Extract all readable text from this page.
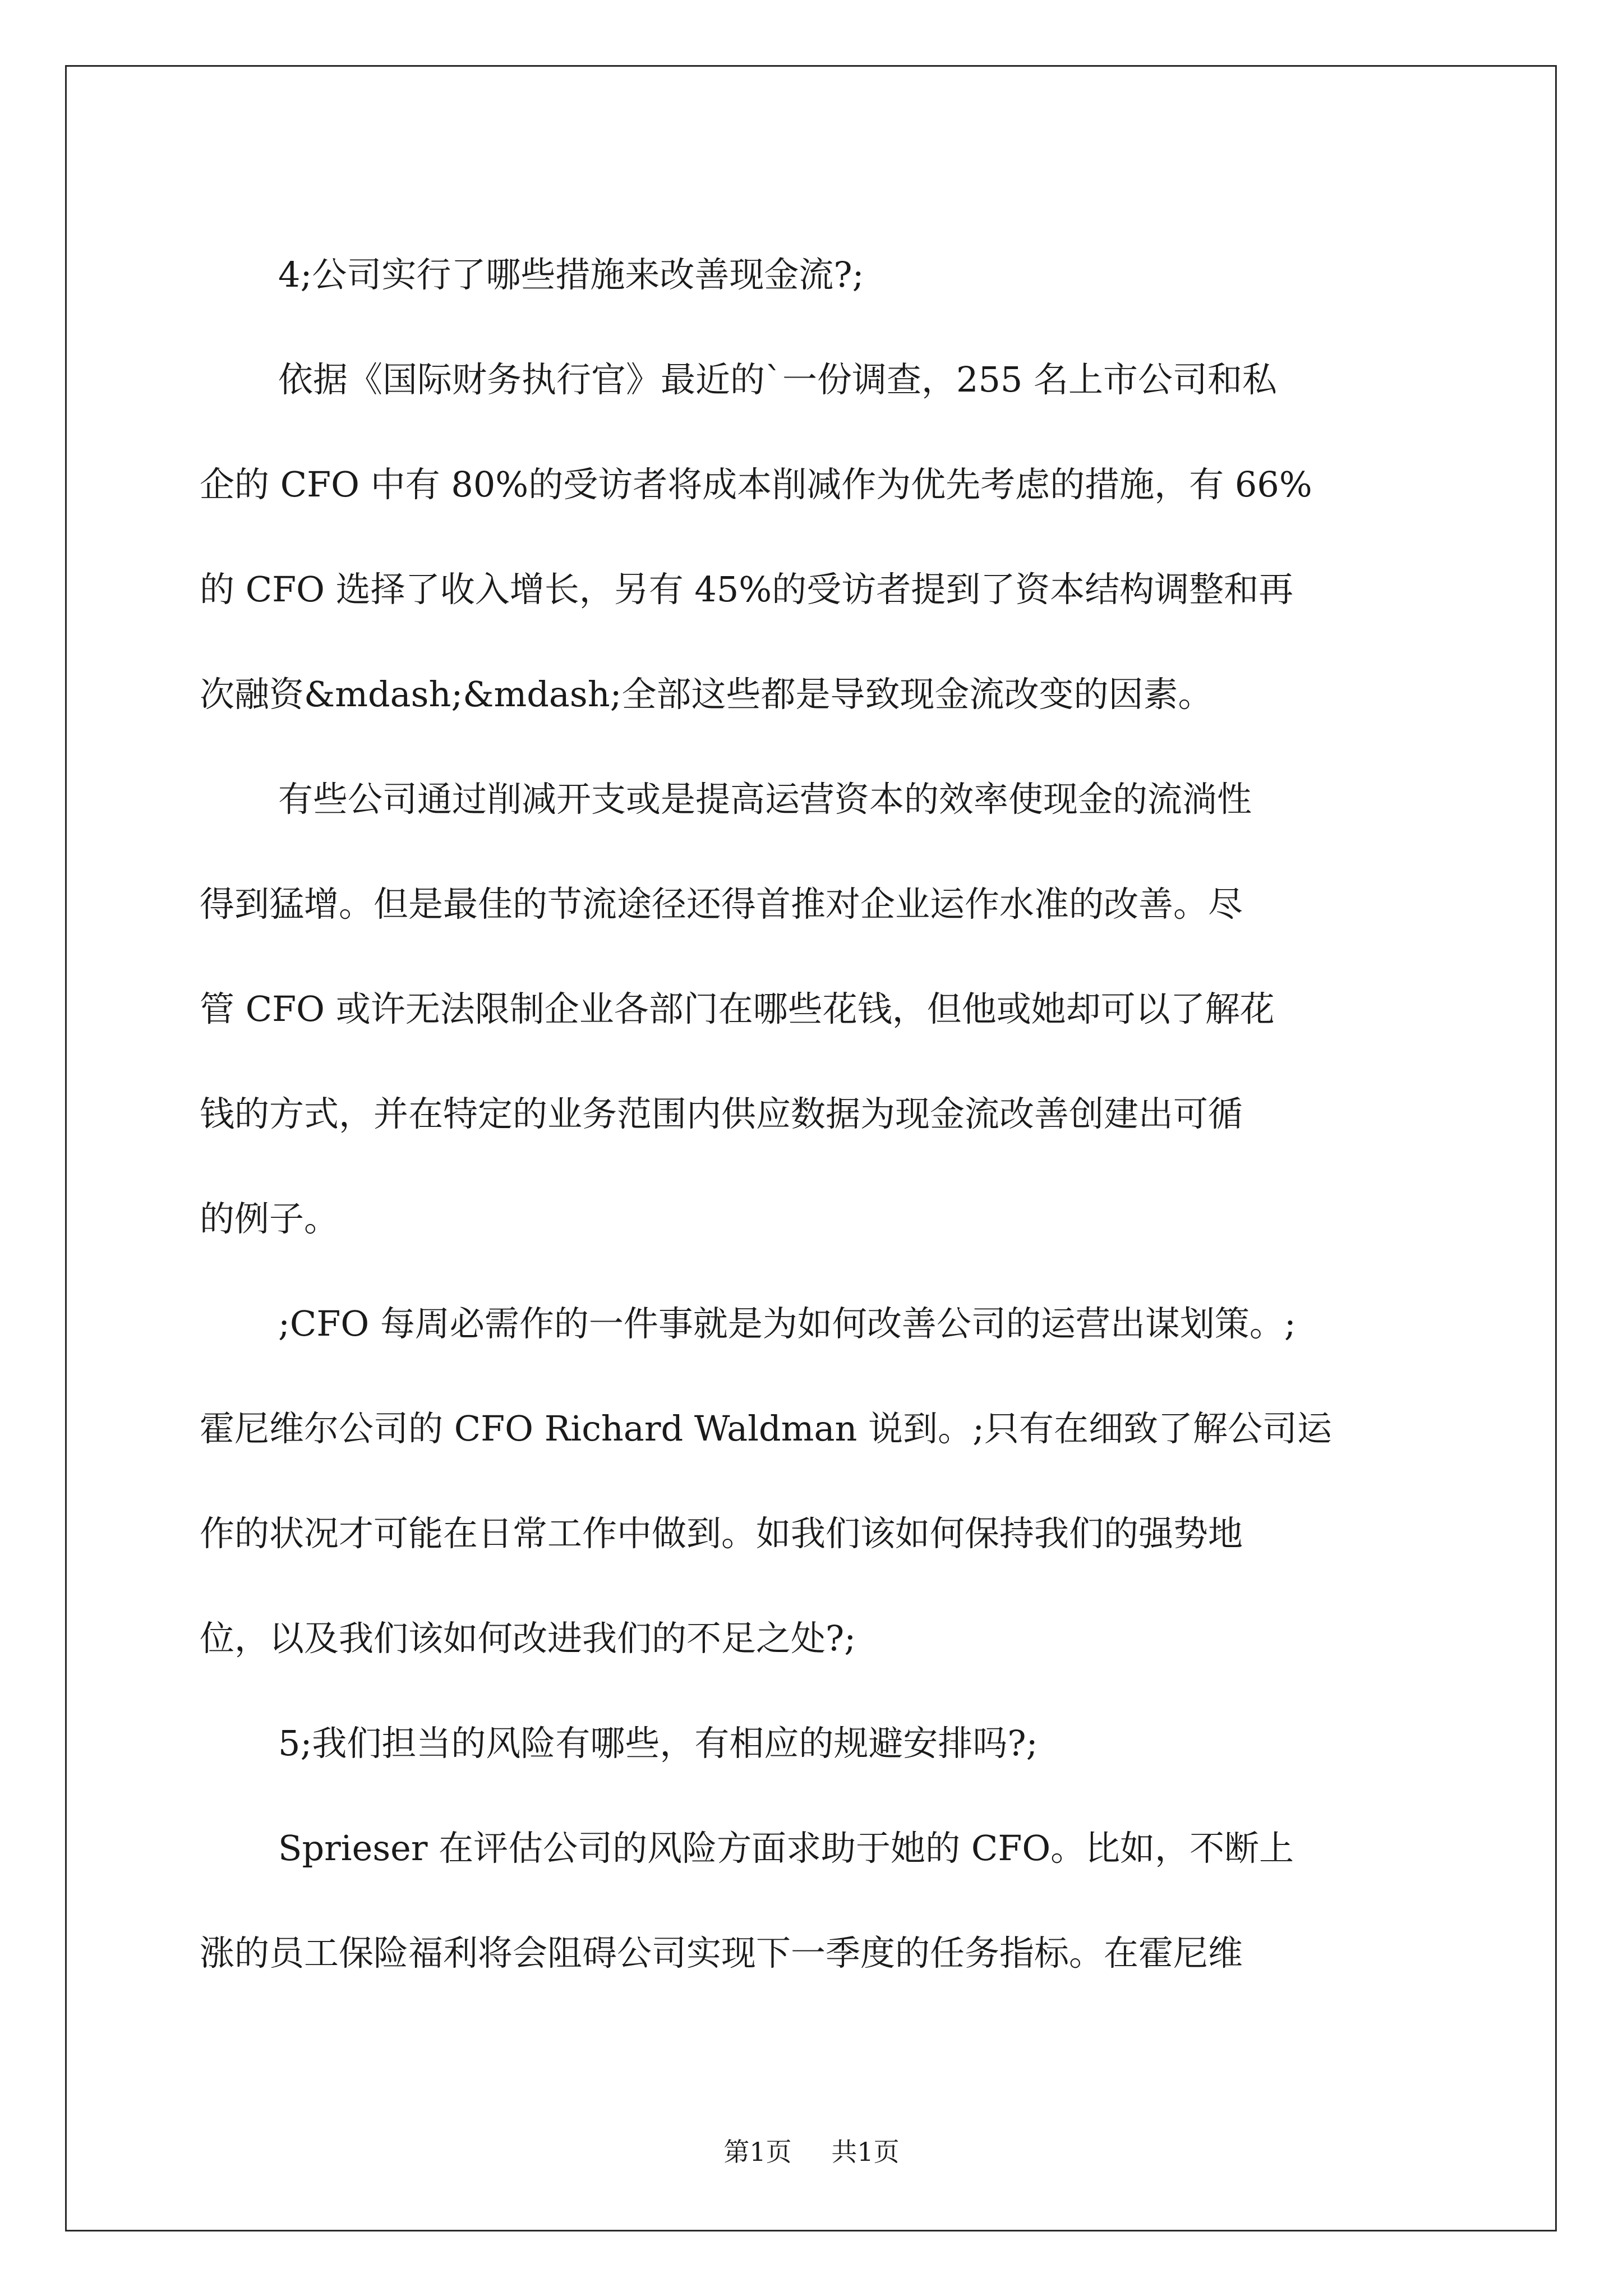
4;公司实行了哪些措施来改善现金流?;

依据《国际财务执行官》最近的`一份调查，255 名上市公司和私
企的 CFO 中有 80%的受访者将成本削减作为优先考虑的措施，有 66%
的 CFO 选择了收入增长，另有 45%的受访者提到了资本结构调整和再
次融资&mdash;&mdash;全部这些都是导致现金流改变的因素。

有些公司通过削减开支或是提高运营资本的效率使现金的流淌性
得到猛增。但是最佳的节流途径还得首推对企业运作水准的改善。尽
管 CFO 或许无法限制企业各部门在哪些花钱，但他或她却可以了解花
钱的方式，并在特定的业务范围内供应数据为现金流改善创建出可循
的例子。

;CFO 每周必需作的一件事就是为如何改善公司的运营出谋划策。;
霍尼维尔公司的 CFO Richard Waldman 说到。;只有在细致了解公司运
作的状况才可能在日常工作中做到。如我们该如何保持我们的强势地
位，以及我们该如何改进我们的不足之处?;

5;我们担当的风险有哪些，有相应的规避安排吗?;

Sprieser 在评估公司的风险方面求助于她的 CFO。比如，不断上
涨的员工保险福利将会阻碍公司实现下一季度的任务指标。在霍尼维

第1页 共1页
